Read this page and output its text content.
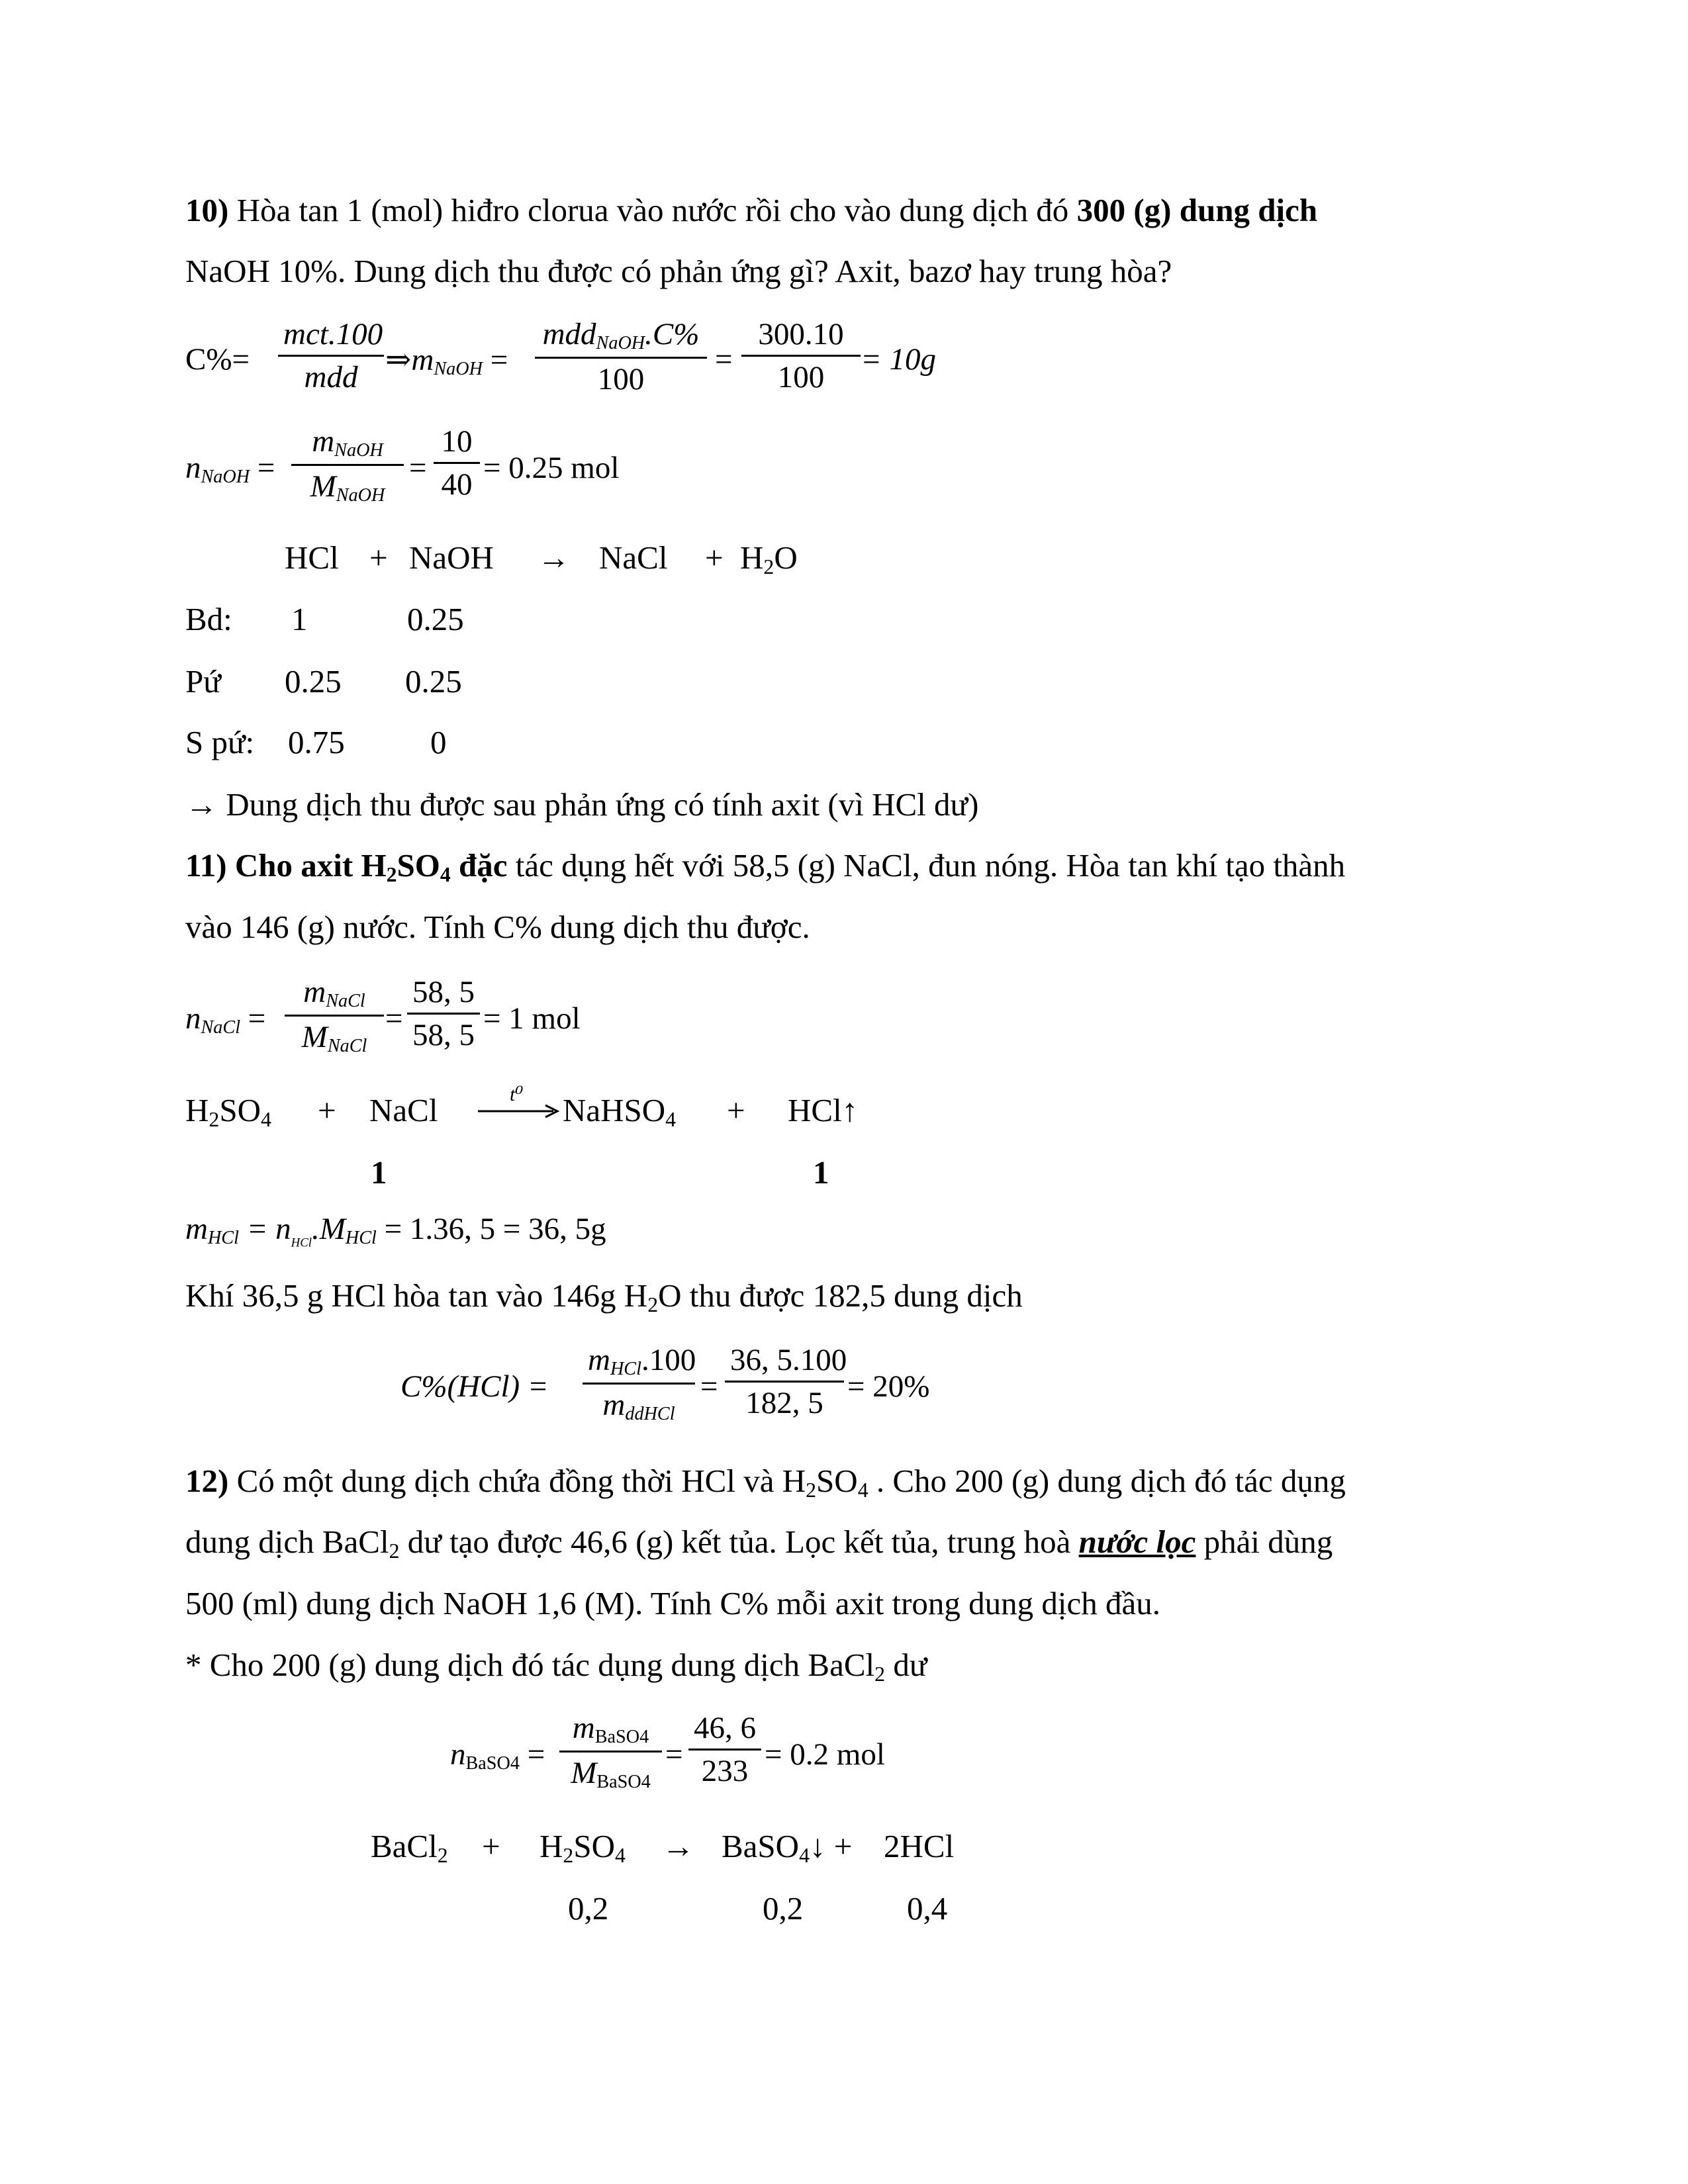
10) Hòa tan 1 (mol) hiđro clorua vào nước rồi cho vào dung dịch đó 300 (g) dung dịch
NaOH 10%. Dung dịch thu được có phản ứng gì? Axit, bazơ hay trung hòa?
C%=
mct.100
mdd $\Rightarrow m_{NaOH}$ =
mdd$_{NaOH}$.C%
100
= $\frac{300.10}{100} = 10g$
$n_{NaOH}$ =
$m_{NaOH}$
$M_{NaOH}$
= $\frac{10}{40} = 0.25$ mol
HCl + NaOH → NaCl + $H_2O$
Bd: 1	0.25
Pứ 0.25 0.25
S pứ: 0.75	0
→ Dung dịch thu được sau phản ứng có tính axit (vì HCl dư)
11) Cho axit $H_2SO_4$ đặc tác dụng hết với 58,5 (g) NaCl, đun nóng. Hòa tan khí tạo thành
vào 146 (g) nước. Tính C% dung dịch thu được.
$n_{NaCl}$ =
$m_{NaCl}$
$M_{NaCl}$
= $\frac{58, 5}{58, 5} = 1$ mol
$H_2SO_4$ + NaCl	t⁰ NaHSO$_4$ + HCl↑
1	1
$m_{HCl} = n_{HCl}.M_{HCl} = 1.36$, 5 = 36, 5g
Khí 36,5 g HCl hòa tan vào 146g $H_2O$ thu được 182,5 dung dịch
C%(HCl) =
$m_{HCl}.100$
$m_{ddHCl}$
= $\frac{36, 5.100}{182, 5} = 20\%$
12) Có một dung dịch chứa đồng thời HCl và $H_2SO_4$ . Cho 200 (g) dung dịch đó tác dụng
dung dịch BaCl$_2$ dư tạo được 46,6 (g) kết tủa. Lọc kết tủa, trung hoà nước lọc phải dùng
500 (ml) dung dịch NaOH 1,6 (M). Tính C% mỗi axit trong dung dịch đầu.
* Cho 200 (g) dung dịch đó tác dụng dung dịch BaCl$_2$ dư
$n_{BaSO4}$ =
$m_{BaSO4}$
$M_{BaSO4}$
= $\frac{46, 6}{233} = 0.2$ mol
BaCl$_2$ + $H_2SO_4$ → BaSO$_4$↓ + 2HCl
0,2	0,2	0,4
